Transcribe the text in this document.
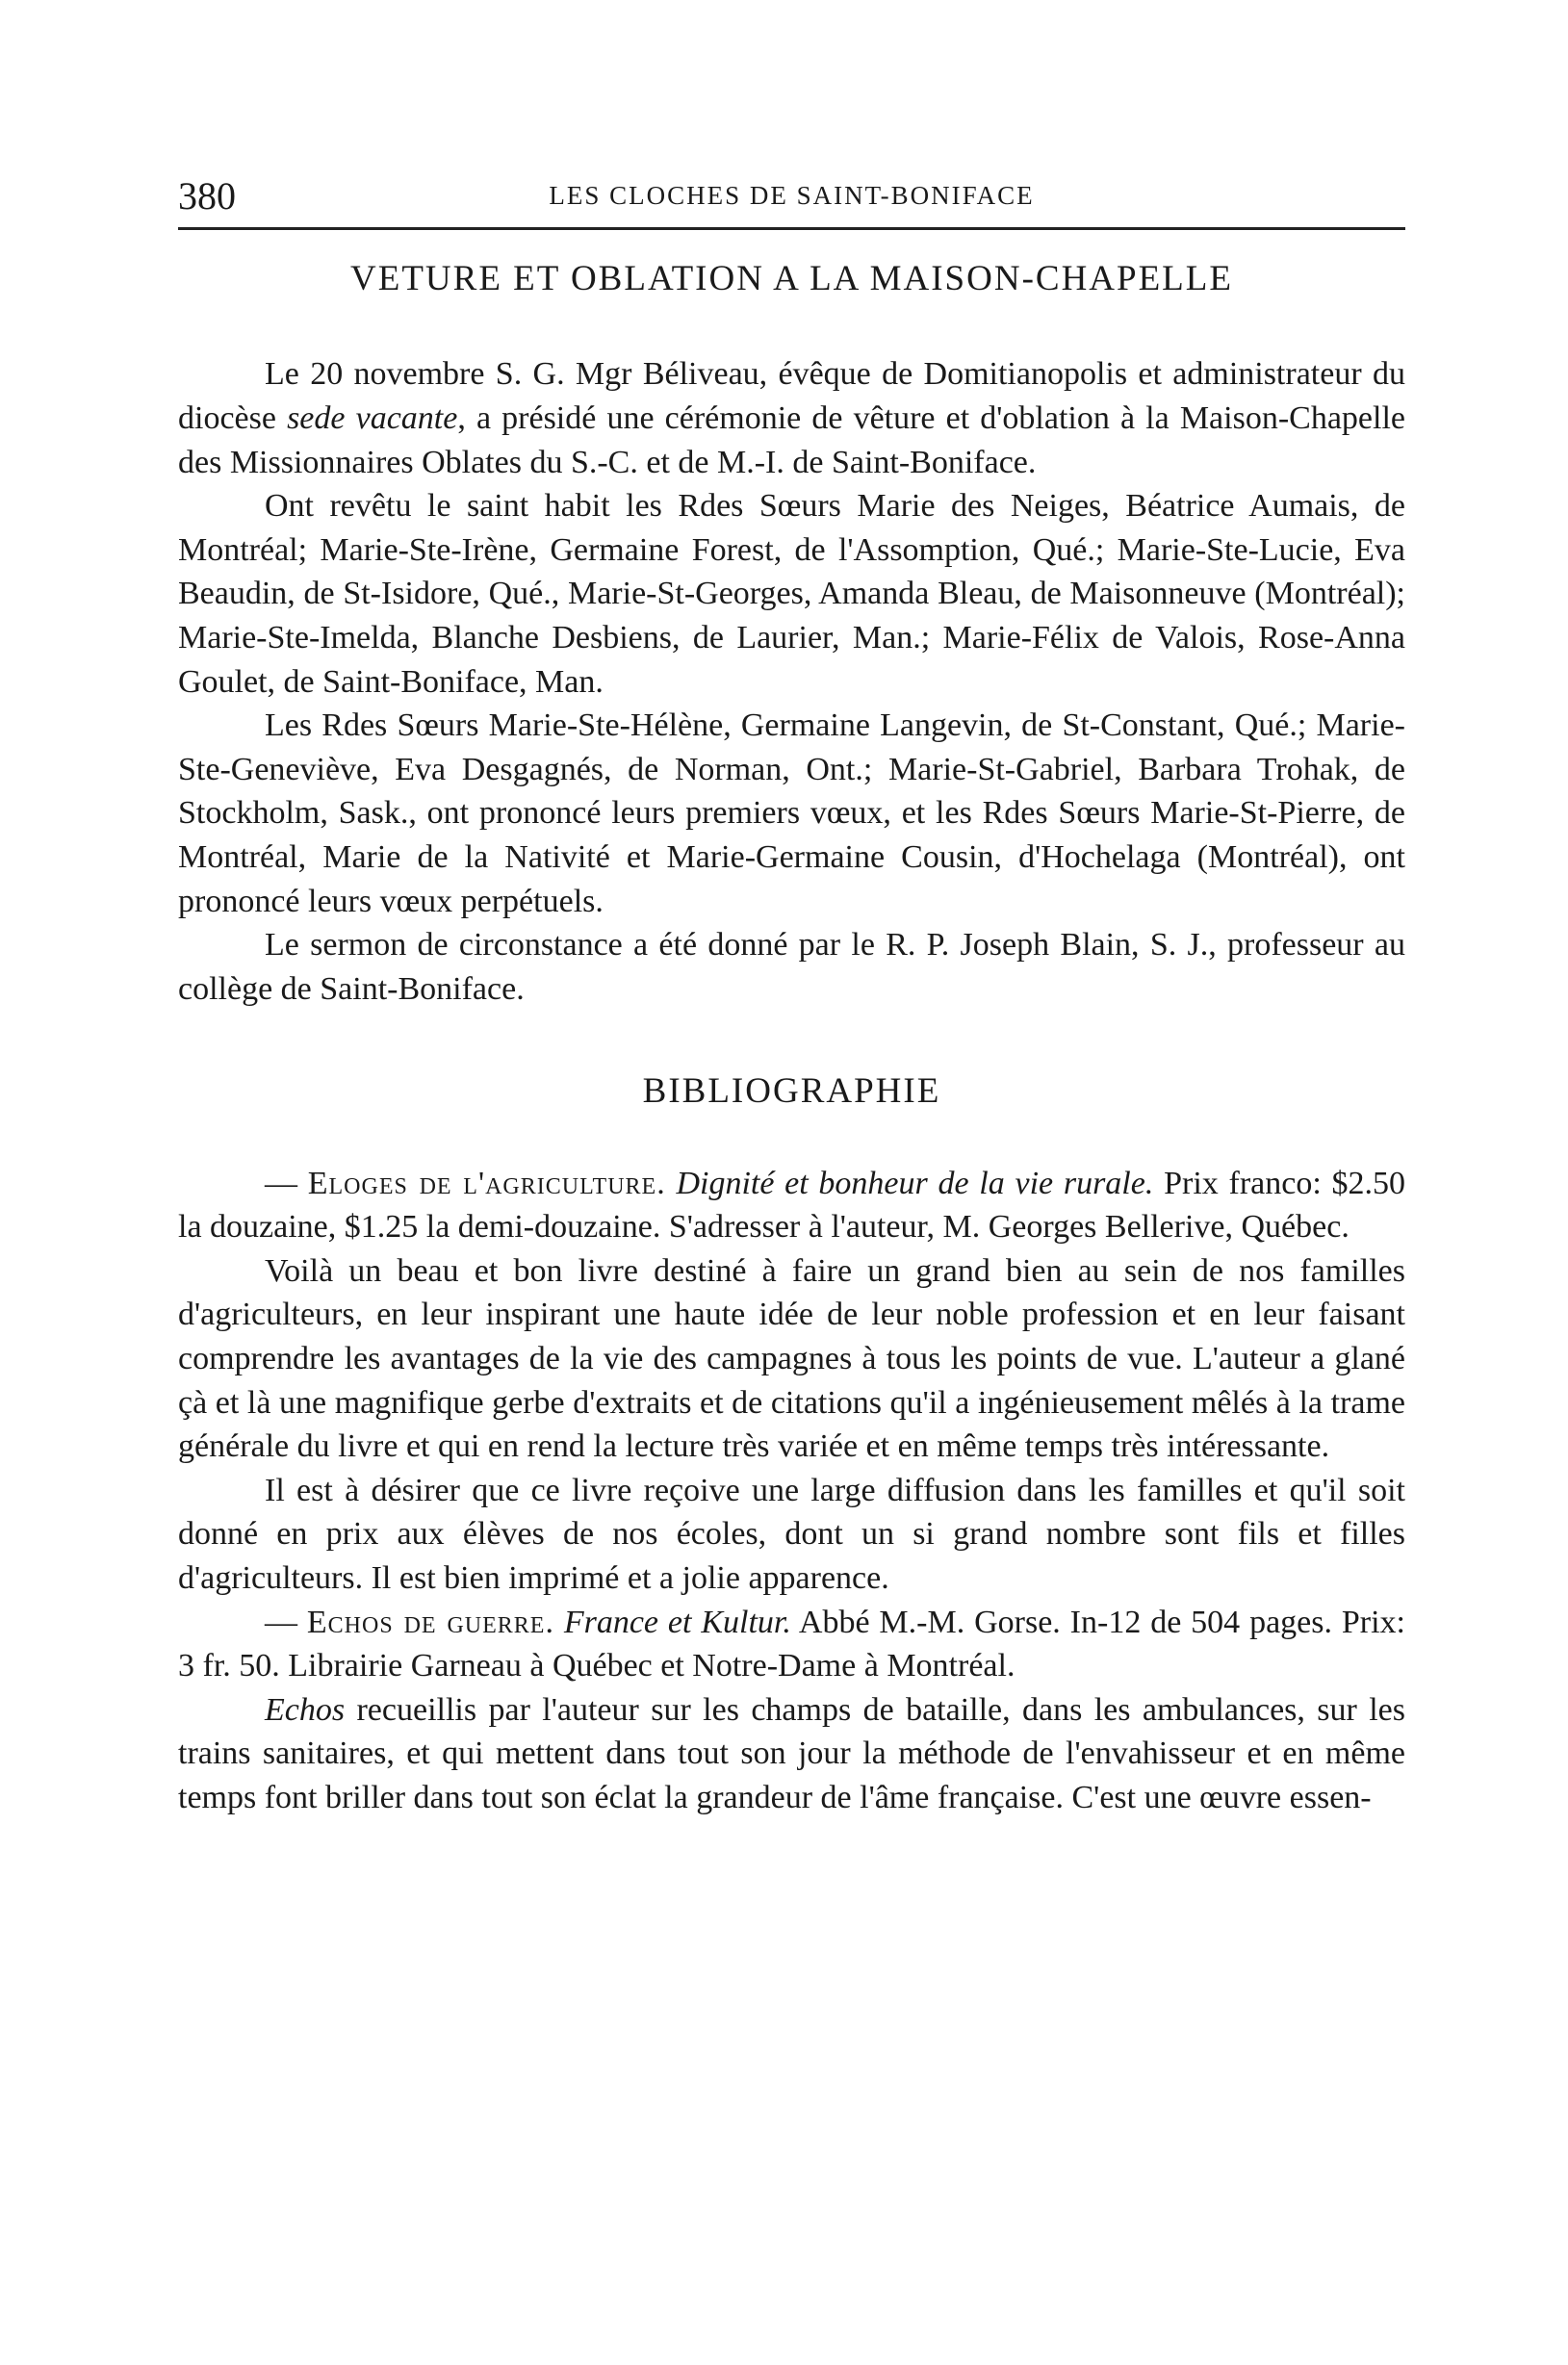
380	LES CLOCHES DE SAINT-BONIFACE
VETURE ET OBLATION A LA MAISON-CHAPELLE

Le 20 novembre S. G. Mgr Béliveau, évêque de Domitianopolis et administrateur du diocèse sede vacante, a présidé une cérémonie de vêture et d'oblation à la Maison-Chapelle des Missionnaires Oblates du S.-C. et de M.-I. de Saint-Boniface.

Ont revêtu le saint habit les Rdes Sœurs Marie des Neiges, Béatrice Aumais, de Montréal; Marie-Ste-Irène, Germaine Forest, de l'Assomption, Qué.; Marie-Ste-Lucie, Eva Beaudin, de St-Isidore, Qué., Marie-St-Georges, Amanda Bleau, de Maisonneuve (Montréal); Marie-Ste-Imelda, Blanche Desbiens, de Laurier, Man.; Marie-Félix de Valois, Rose-Anna Goulet, de Saint-Boniface, Man.

Les Rdes Sœurs Marie-Ste-Hélène, Germaine Langevin, de St-Constant, Qué.; Marie-Ste-Geneviève, Eva Desgagnés, de Norman, Ont.; Marie-St-Gabriel, Barbara Trohak, de Stockholm, Sask., ont prononcé leurs premiers vœux, et les Rdes Sœurs Marie-St-Pierre, de Montréal, Marie de la Nativité et Marie-Germaine Cousin, d'Hochelaga (Montréal), ont prononcé leurs vœux perpétuels.

Le sermon de circonstance a été donné par le R. P. Joseph Blain, S. J., professeur au collège de Saint-Boniface.

BIBLIOGRAPHIE

— Eloges de l'agriculture. Dignité et bonheur de la vie rurale. Prix franco: $2.50 la douzaine, $1.25 la demi-douzaine. S'adresser à l'auteur, M. Georges Bellerive, Québec.

Voilà un beau et bon livre destiné à faire un grand bien au sein de nos familles d'agriculteurs, en leur inspirant une haute idée de leur noble profession et en leur faisant comprendre les avantages de la vie des campagnes à tous les points de vue. L'auteur a glané çà et là une magnifique gerbe d'extraits et de citations qu'il a ingénieusement mêlés à la trame générale du livre et qui en rend la lecture très variée et en même temps très intéressante.

Il est à désirer que ce livre reçoive une large diffusion dans les familles et qu'il soit donné en prix aux élèves de nos écoles, dont un si grand nombre sont fils et filles d'agriculteurs. Il est bien imprimé et a jolie apparence.

— Echos de guerre. France et Kultur. Abbé M.-M. Gorse. In-12 de 504 pages. Prix: 3 fr. 50. Librairie Garneau à Québec et Notre-Dame à Montréal.

Echos recueillis par l'auteur sur les champs de bataille, dans les ambulances, sur les trains sanitaires, et qui mettent dans tout son jour la méthode de l'envahisseur et en même temps font briller dans tout son éclat la grandeur de l'âme française. C'est une œuvre essen-
